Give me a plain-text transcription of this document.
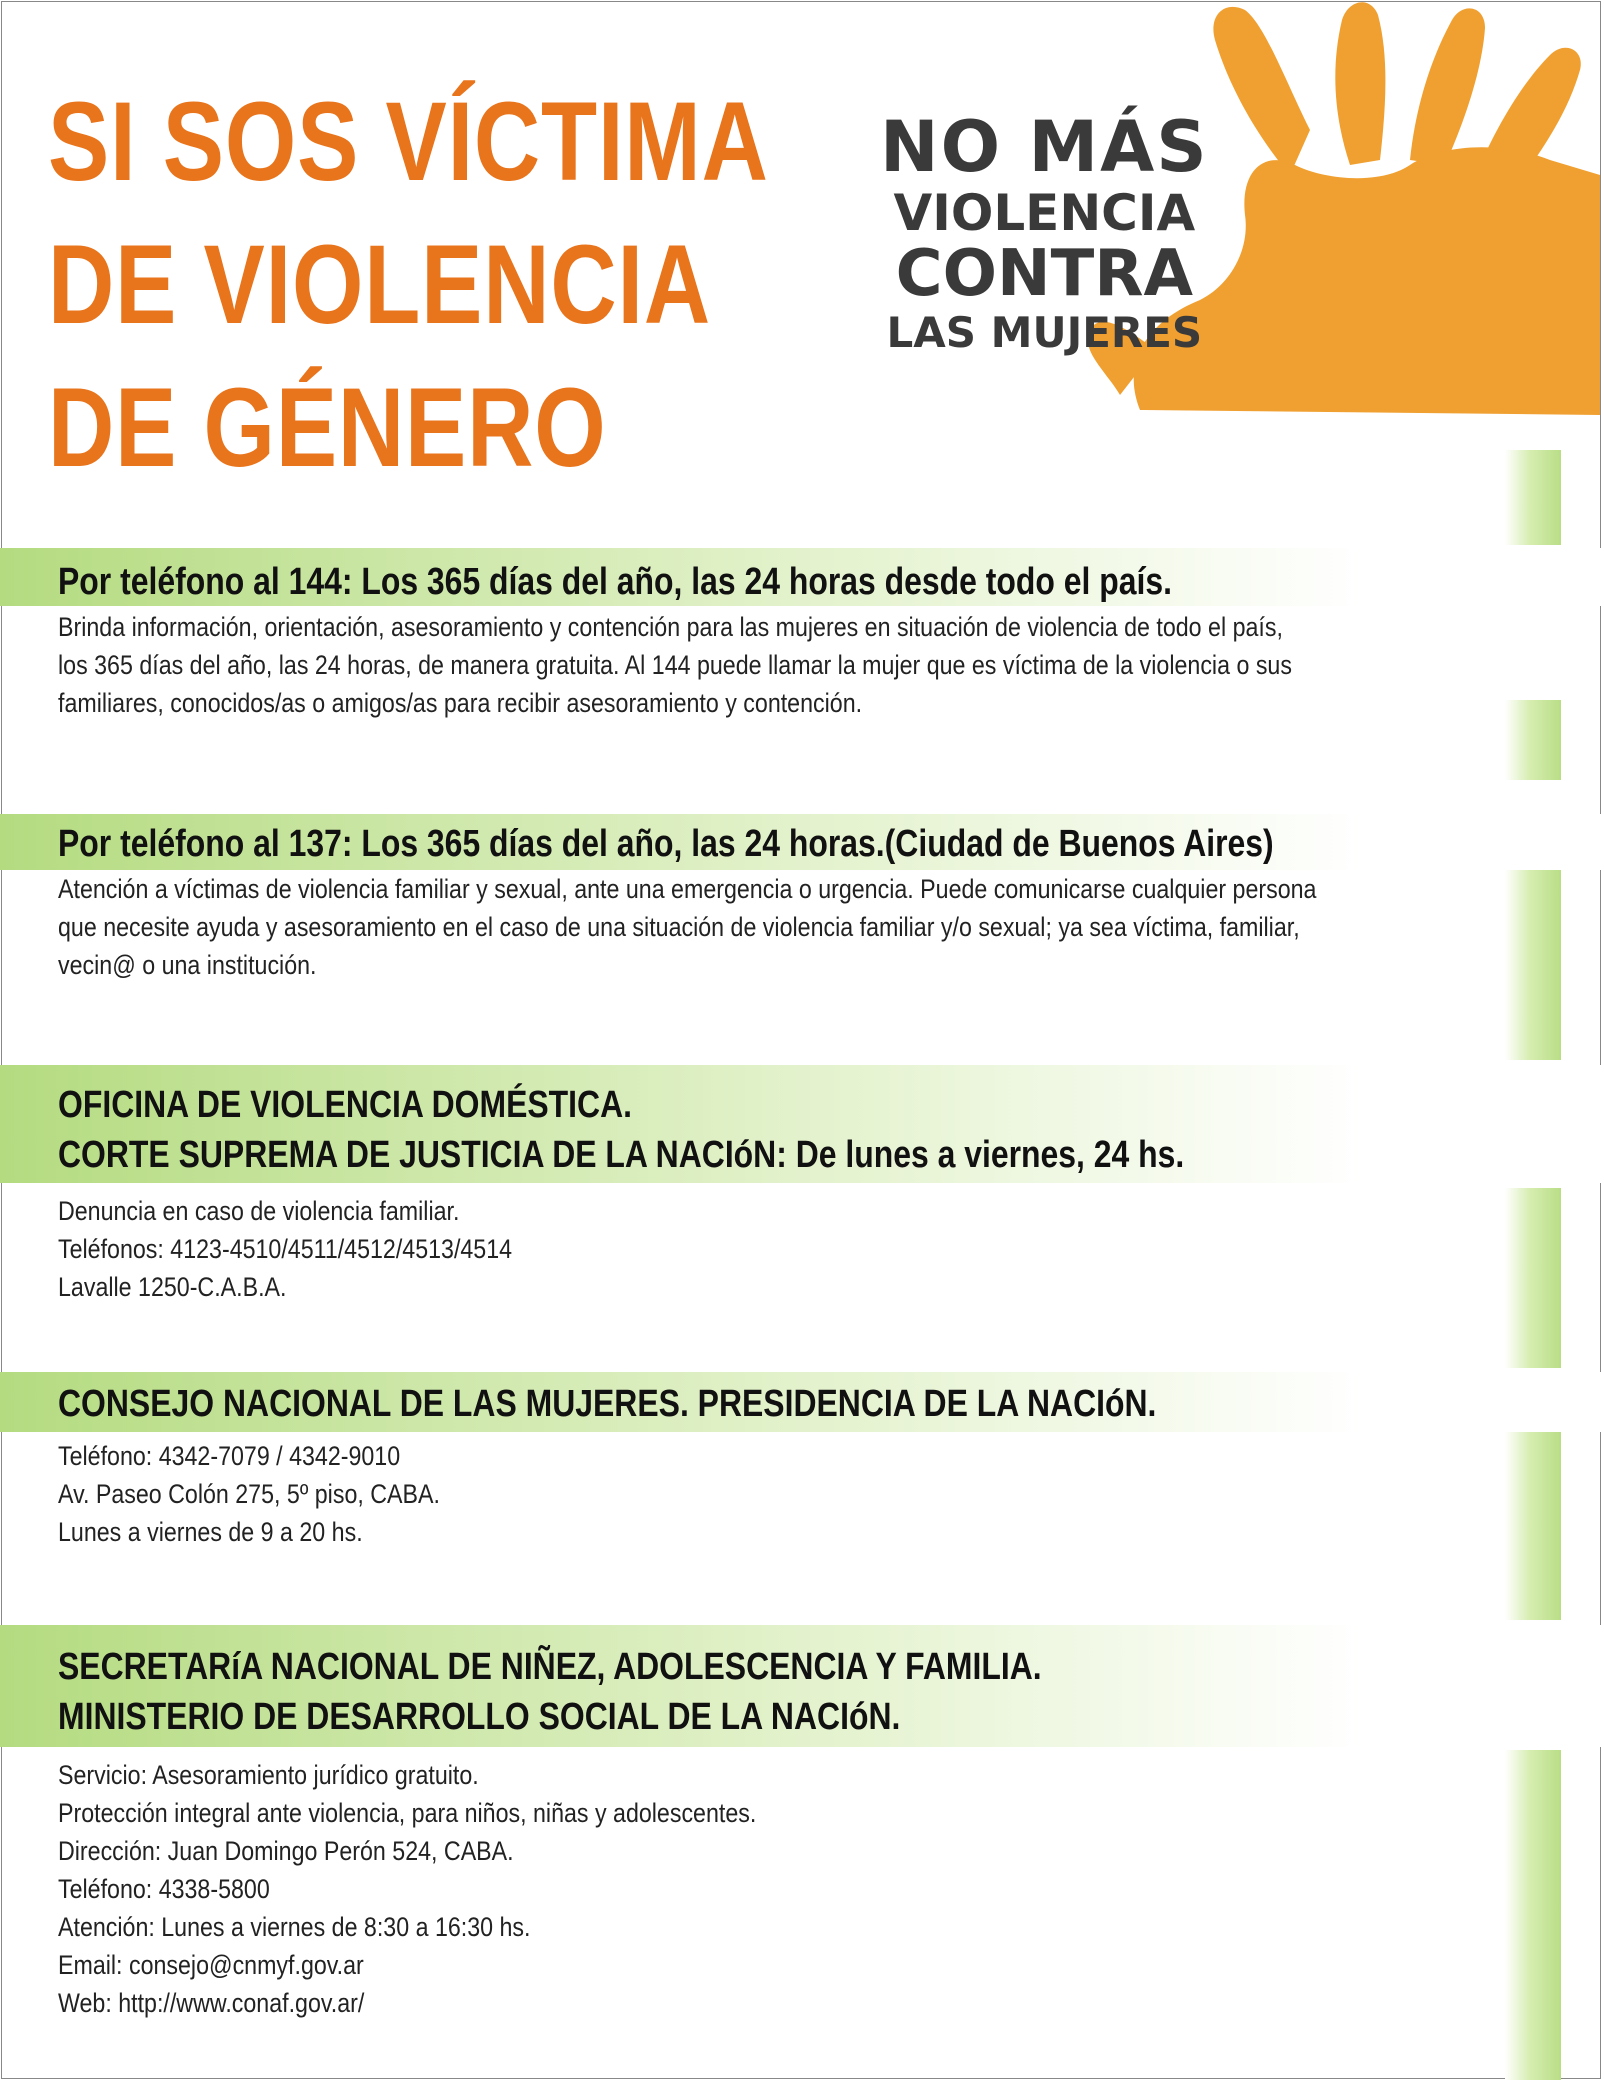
NO MÁS
VIOLENCIA
CONTRA
LAS MUJERES
SI SOS VÍCTIMA
DE VIOLENCIA
DE GÉNERO
Por teléfono al 144: Los 365 días del año, las 24 horas desde todo el país.
Brinda información, orientación, asesoramiento y contención para las mujeres en situación de violencia de todo el país,
los 365 días del año, las 24 horas, de manera gratuita. Al 144 puede llamar la mujer que es víctima de la violencia o sus
familiares, conocidos/as o amigos/as para recibir asesoramiento y contención.
Por teléfono al 137: Los 365 días del año, las 24 horas.(Ciudad de Buenos Aires)
Atención a víctimas de violencia familiar y sexual, ante una emergencia o urgencia. Puede comunicarse cualquier persona
que necesite ayuda y asesoramiento en el caso de una situación de violencia familiar y/o sexual; ya sea víctima, familiar,
vecin@ o una institución.
OFICINA DE VIOLENCIA DOMÉSTICA.
CORTE SUPREMA DE JUSTICIA DE LA NACIóN: De lunes a viernes, 24 hs.
Denuncia en caso de violencia familiar.
Teléfonos: 4123-4510/4511/4512/4513/4514
Lavalle 1250-C.A.B.A.
CONSEJO NACIONAL DE LAS MUJERES. PRESIDENCIA DE LA NACIóN.
Teléfono: 4342-7079 / 4342-9010
Av. Paseo Colón 275, 5º piso, CABA.
Lunes a viernes de 9 a 20 hs.
SECRETARíA NACIONAL DE NIÑEZ, ADOLESCENCIA Y FAMILIA.
MINISTERIO DE DESARROLLO SOCIAL DE LA NACIóN.
Servicio: Asesoramiento jurídico gratuito.
Protección integral ante violencia, para niños, niñas y adolescentes.
Dirección: Juan Domingo Perón 524, CABA.
Teléfono: 4338-5800
Atención: Lunes a viernes de 8:30 a 16:30 hs.
Email: consejo@cnmyf.gov.ar
Web: http://www.conaf.gov.ar/
